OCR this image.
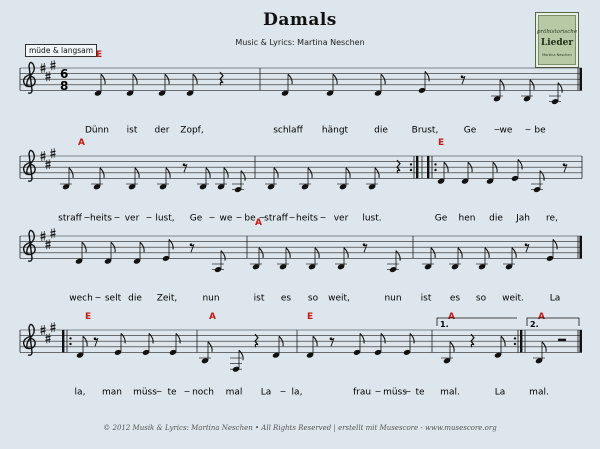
Damals
Music & Lyrics: Martina Neschen
müde & langsam
prähistorische
Lieder
Martina Neschen
6
8
E
Dünn ist der Zopf,	schlaff hängt	die	Brust,	Ge	we be
A	E
straff heits ver lust, Ge we be straff heits ver lust.	Ge hen die Jah re,
A
wech selt die Zeit,	nun	ist es so weit,	nun ist es so weit.	La
E	A	E	A	A
la, man müss te noch mal La la,	frau müss te mal.	La	mal.
1.	2.
© 2012 Musik & Lyrics: Martina Neschen • All Rights Reserved | erstellt mit Musescore - www.musescore.org
